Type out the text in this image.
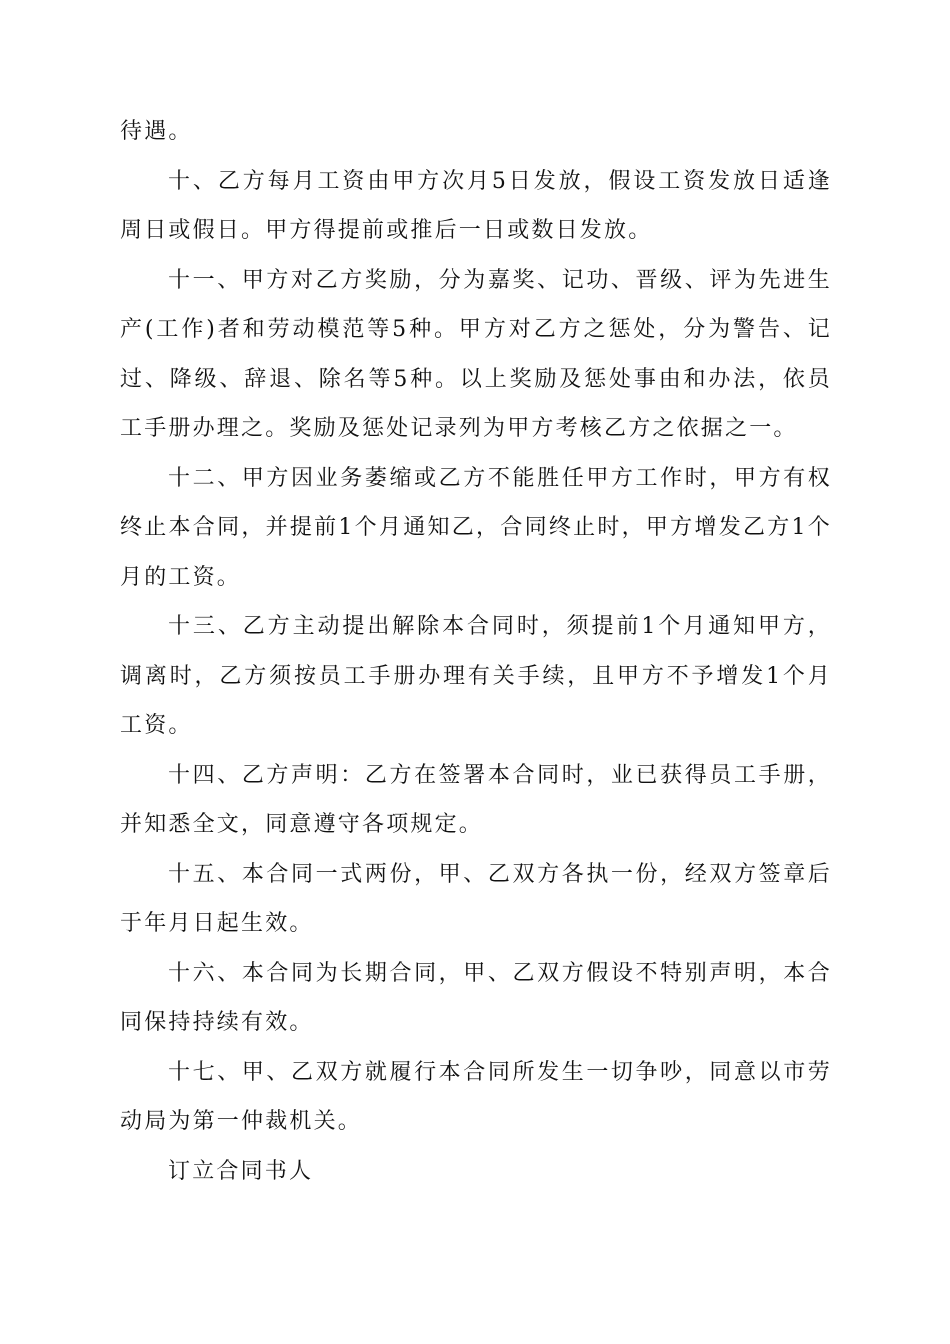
待遇。

十、乙方每月工资由甲方次月5日发放，假设工资发放日适逢周日或假日。甲方得提前或推后一日或数日发放。

十一、甲方对乙方奖励，分为嘉奖、记功、晋级、评为先进生产(工作)者和劳动模范等5种。甲方对乙方之惩处，分为警告、记过、降级、辞退、除名等5种。以上奖励及惩处事由和办法，依员工手册办理之。奖励及惩处记录列为甲方考核乙方之依据之一。

十二、甲方因业务萎缩或乙方不能胜任甲方工作时，甲方有权终止本合同，并提前1个月通知乙，合同终止时，甲方增发乙方1个月的工资。

十三、乙方主动提出解除本合同时，须提前1个月通知甲方，调离时，乙方须按员工手册办理有关手续，且甲方不予增发1个月工资。

十四、乙方声明：乙方在签署本合同时，业已获得员工手册，并知悉全文，同意遵守各项规定。

十五、本合同一式两份，甲、乙双方各执一份，经双方签章后于年月日起生效。

十六、本合同为长期合同，甲、乙双方假设不特别声明，本合同保持持续有效。

十七、甲、乙双方就履行本合同所发生一切争吵，同意以市劳动局为第一仲裁机关。

订立合同书人
